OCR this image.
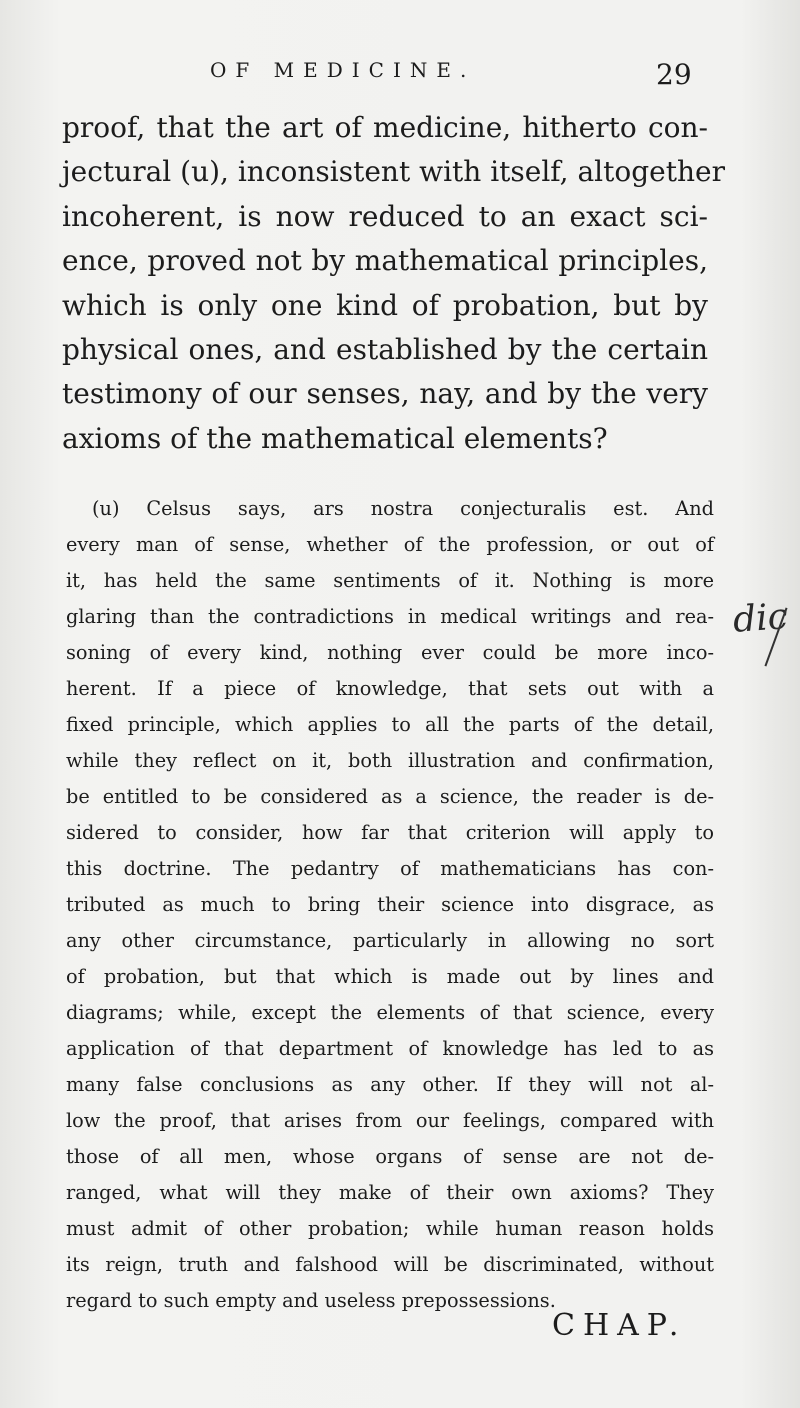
OF MEDICINE.	29
proof, that the art of medicine, hitherto con-
jectural (u), inconsistent with itself, altogether
incoherent, is now reduced to an exact sci-
ence, proved not by mathematical principles,
which is only one kind of probation, but by
physical ones, and established by the certain
testimony of our senses, nay, and by the very
axioms of the mathematical elements?
(u) Celsus says, ars nostra conjecturalis est. And
every man of sense, whether of the profession, or out of
it, has held the same sentiments of it. Nothing is more
glaring than the contradictions in medical writings and rea-
soning of every kind, nothing ever could be more inco-
herent. If a piece of knowledge, that sets out with a
fixed principle, which applies to all the parts of the detail,
while they reflect on it, both illustration and confirmation,
be entitled to be considered as a science, the reader is de-
sidered to consider, how far that criterion will apply to
this doctrine. The pedantry of mathematicians has con-
tributed as much to bring their science into disgrace, as
any other circumstance, particularly in allowing no sort
of probation, but that which is made out by lines and
diagrams; while, except the elements of that science, every
application of that department of knowledge has led to as
many false conclusions as any other. If they will not al-
low the proof, that arises from our feelings, compared with
those of all men, whose organs of sense are not de-
ranged, what will they make of their own axioms? They
must admit of other probation; while human reason holds
its reign, truth and falshood will be discriminated, without
regard to such empty and useless prepossessions.
dic
CHAP.
